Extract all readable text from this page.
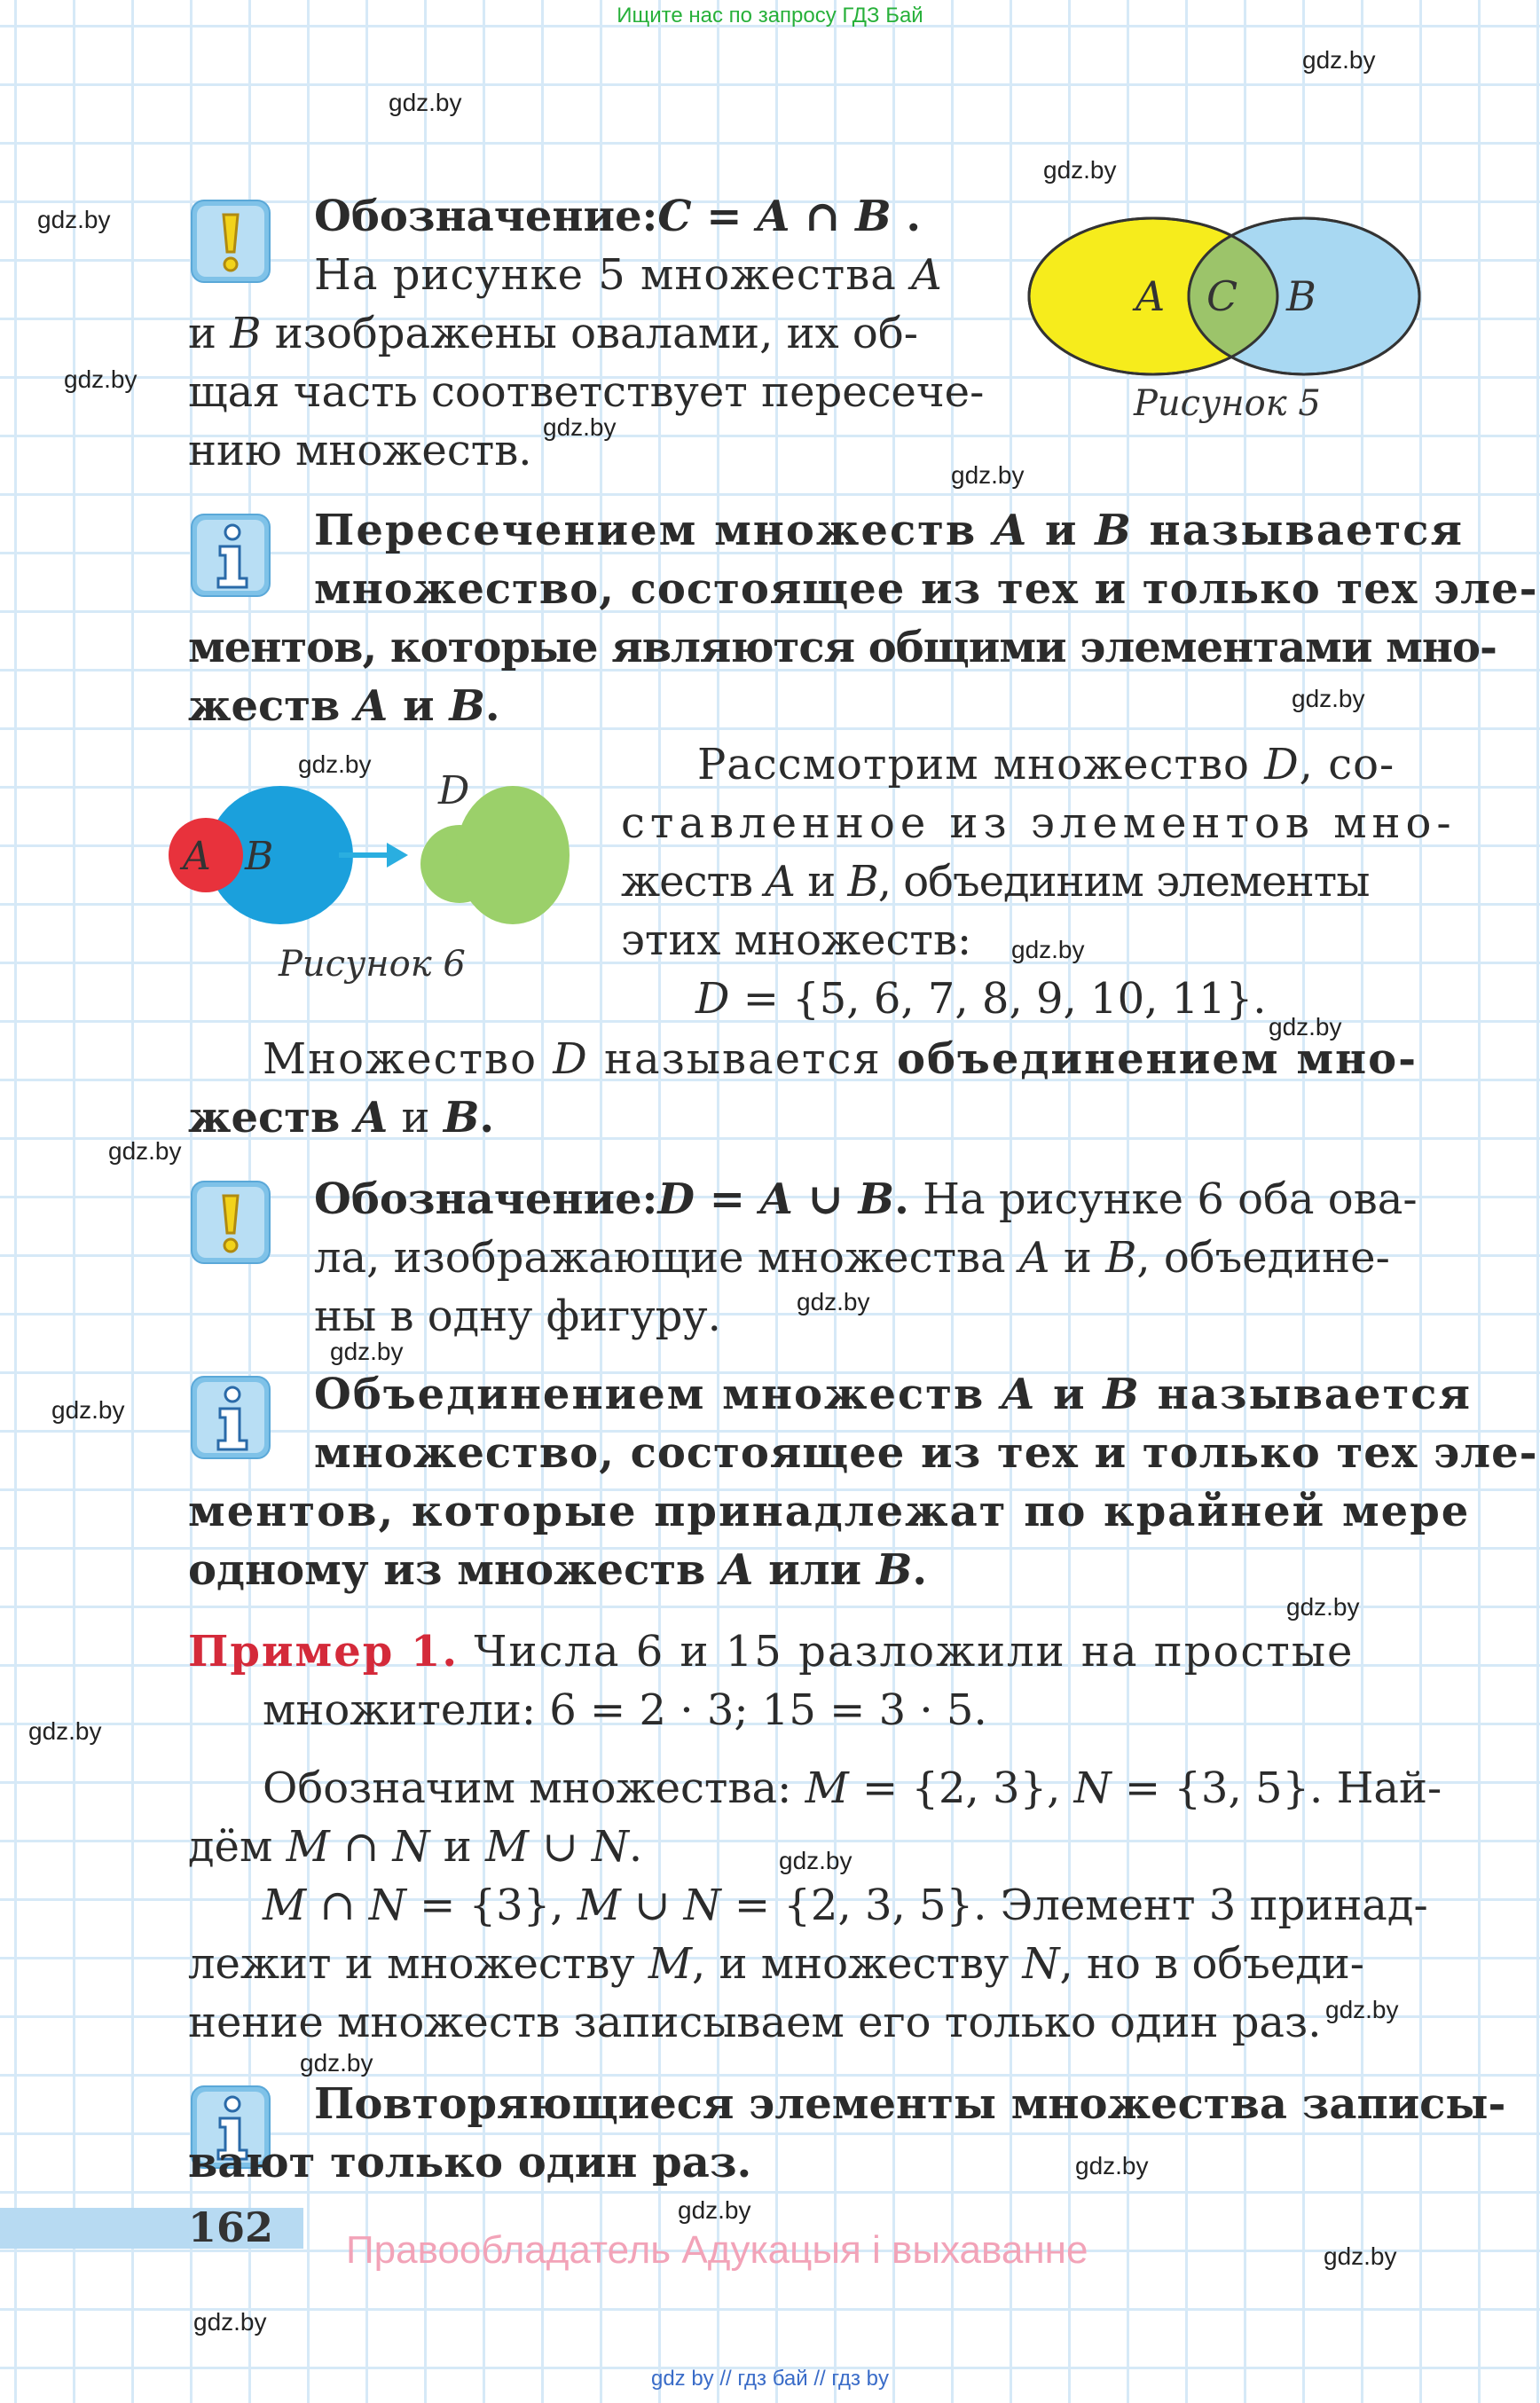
Ищите нас по запросу ГДЗ Бай
gdz.by
gdz.by
gdz.by
gdz.by
gdz.by
gdz.by
gdz.by
gdz.by
gdz.by
gdz.by
gdz.by
gdz.by
gdz.by
gdz.by
gdz.by
gdz.by
gdz.by
gdz.by
gdz.by
gdz.by
gdz.by
gdz.by
gdz.by
gdz.by
Обозначение:C = A ∩ B .
На рисунке 5 множества A
и B изображены овалами, их об-
щая часть соответствует пересече-
нию множеств.
A C B
Рисунок 5
Пересечением множеств A и B называется
множество, состоящее из тех и только тех эле-
ментов, которые являются общими элементами мно-
жеств A и B.
A B
D
Рисунок 6
Рассмотрим множество D, со-
ставленное из элементов мно-
жеств A и B, объединим элементы
этих множеств:
D = {5, 6, 7, 8, 9, 10, 11}.
Множество D называется объединением мно-
жеств A и B.
Обозначение:D = A ∪ B. На рисунке 6 оба ова-
ла, изображающие множества A и B, объедине-
ны в одну фигуру.
Объединением множеств A и B называется
множество, состоящее из тех и только тех эле-
ментов, которые принадлежат по крайней мере
одному из множеств A или B.
Пример 1. Числа 6 и 15 разложили на простые
множители: 6 = 2 · 3; 15 = 3 · 5.
Обозначим множества: M = {2, 3}, N = {3, 5}. Най-
дём M ∩ N и M ∪ N.
M ∩ N = {3}, M ∪ N = {2, 3, 5}. Элемент 3 принад-
лежит и множеству M, и множеству N, но в объеди-
нение множеств записываем его только один раз.
Повторяющиеся элементы множества записы-
вают только один раз.
162 Правообладатель Адукацыя і выхаванне
gdz by // гдз бай // гдз by
